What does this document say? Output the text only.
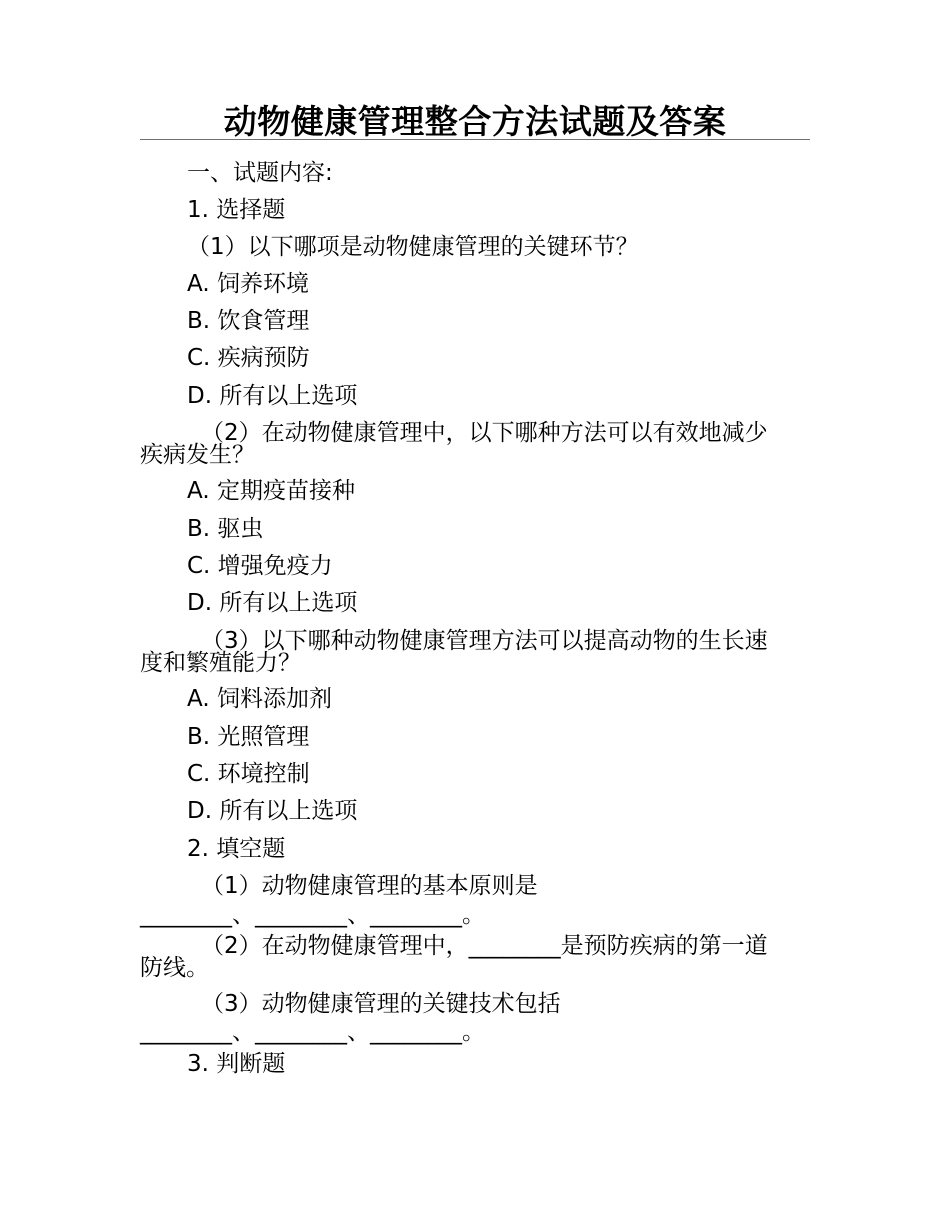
动物健康管理整合方法试题及答案
一、试题内容:
1. 选择题
（1）以下哪项是动物健康管理的关键环节？
A. 饲养环境
B. 饮食管理
C. 疾病预防
D. 所有以上选项
（2）在动物健康管理中，以下哪种方法可以有效地减少
疾病发生？
A. 定期疫苗接种
B. 驱虫
C. 增强免疫力
D. 所有以上选项
（3）以下哪种动物健康管理方法可以提高动物的生长速
度和繁殖能力？
A. 饲料添加剂
B. 光照管理
C. 环境控制
D. 所有以上选项
2. 填空题
（1）动物健康管理的基本原则是
________、________、________。
（2）在动物健康管理中，________是预防疾病的第一道
防线。
（3）动物健康管理的关键技术包括
________、________、________。
3. 判断题
